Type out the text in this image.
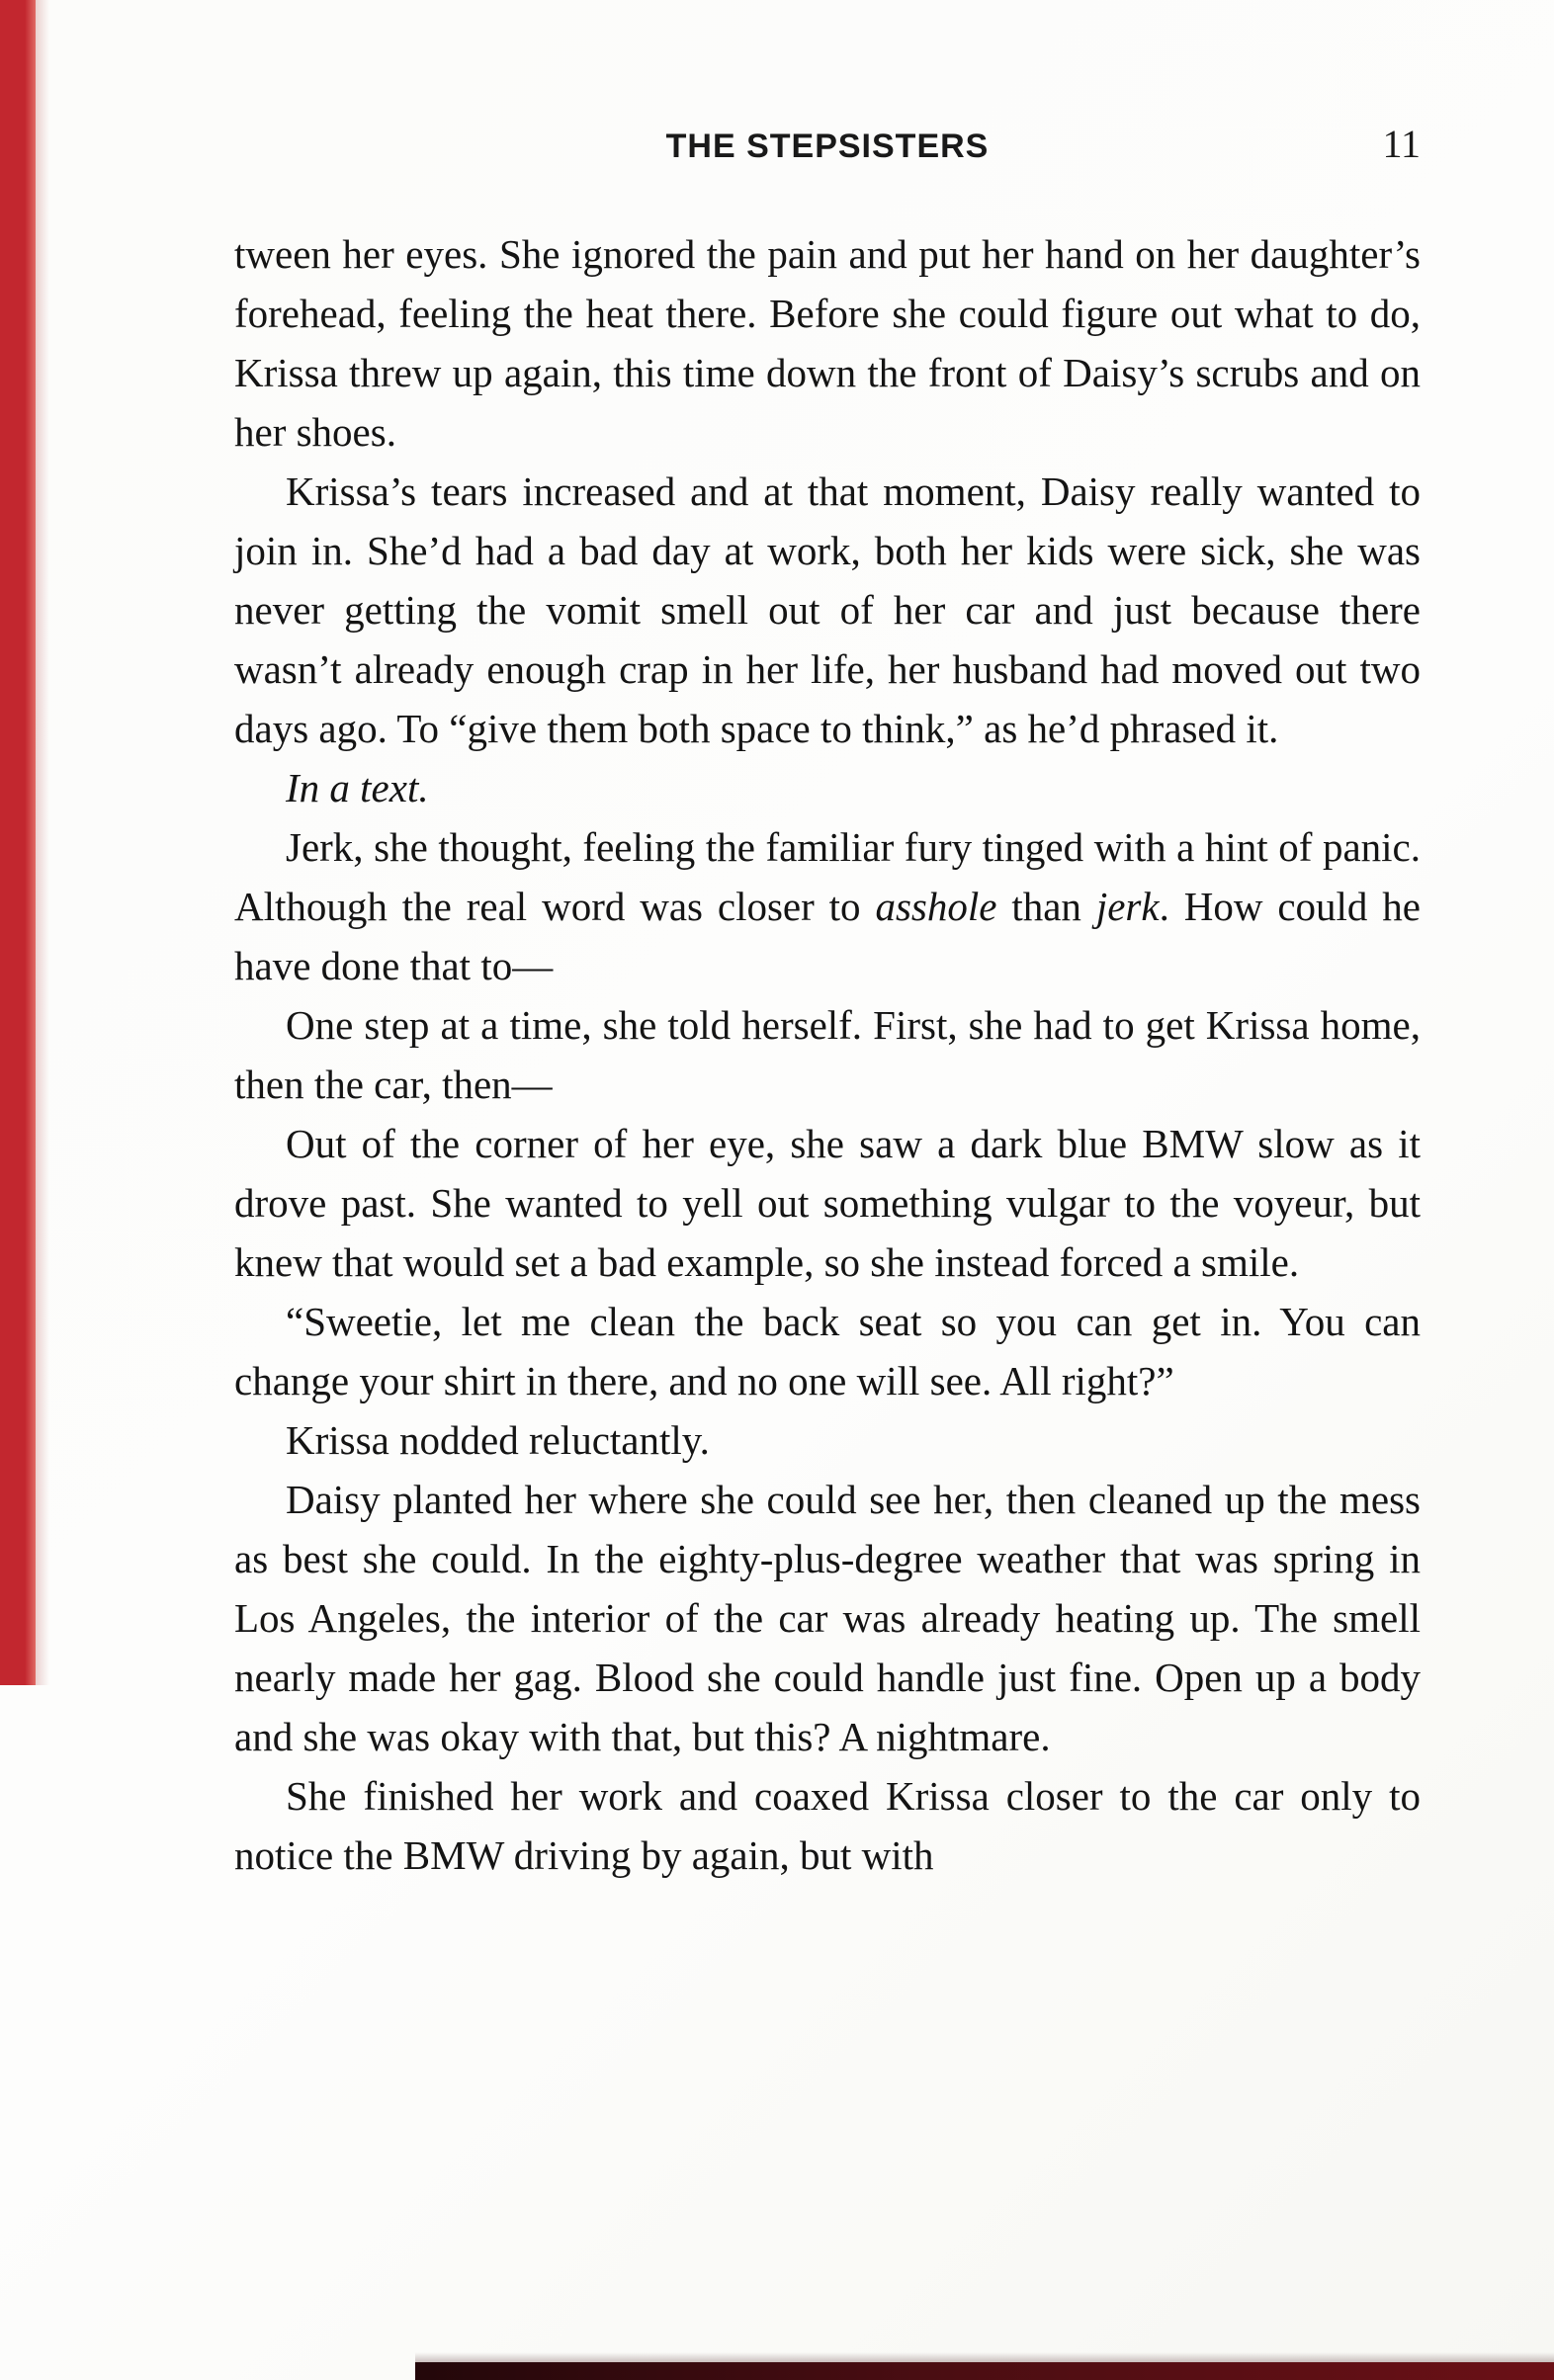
THE STEPSISTERS	11

tween her eyes. She ignored the pain and put her hand on her daughter’s forehead, feeling the heat there. Before she could figure out what to do, Krissa threw up again, this time down the front of Daisy’s scrubs and on her shoes.

Krissa’s tears increased and at that moment, Daisy really wanted to join in. She’d had a bad day at work, both her kids were sick, she was never getting the vomit smell out of her car and just because there wasn’t already enough crap in her life, her husband had moved out two days ago. To “give them both space to think,” as he’d phrased it.

In a text.

Jerk, she thought, feeling the familiar fury tinged with a hint of panic. Although the real word was closer to asshole than jerk. How could he have done that to—

One step at a time, she told herself. First, she had to get Krissa home, then the car, then—

Out of the corner of her eye, she saw a dark blue BMW slow as it drove past. She wanted to yell out something vulgar to the voyeur, but knew that would set a bad example, so she instead forced a smile.

“Sweetie, let me clean the back seat so you can get in. You can change your shirt in there, and no one will see. All right?”

Krissa nodded reluctantly.

Daisy planted her where she could see her, then cleaned up the mess as best she could. In the eighty-plus-degree weather that was spring in Los Angeles, the interior of the car was already heating up. The smell nearly made her gag. Blood she could handle just fine. Open up a body and she was okay with that, but this? A nightmare.

She finished her work and coaxed Krissa closer to the car only to notice the BMW driving by again, but with
